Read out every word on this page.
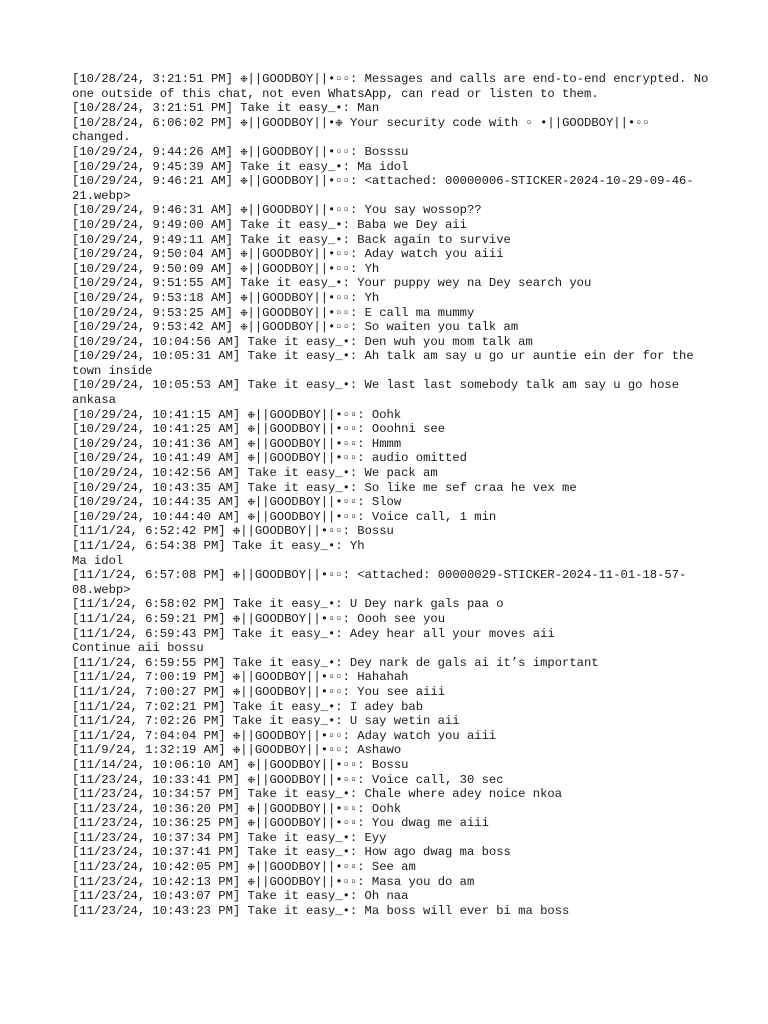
[10/28/24, 3:21:51 PM] ❉||GOODBOY||•▫▫: Messages and calls are end-to-end encrypted. No one outside of this chat, not even WhatsApp, can read or listen to them.
[10/28/24, 3:21:51 PM] Take it easy_•: Man
[10/28/24, 6:06:02 PM] ❉||GOODBOY||•❉ Your security code with ▫ •||GOODBOY||•▫▫ changed.
[10/29/24, 9:44:26 AM] ❉||GOODBOY||•▫▫: Bosssu
[10/29/24, 9:45:39 AM] Take it easy_•: Ma idol
[10/29/24, 9:46:21 AM] ❉||GOODBOY||•▫▫: <attached: 00000006-STICKER-2024-10-29-09-46-21.webp>
[10/29/24, 9:46:31 AM] ❉||GOODBOY||•▫▫: You say wossop??
[10/29/24, 9:49:00 AM] Take it easy_•: Baba we Dey aii
[10/29/24, 9:49:11 AM] Take it easy_•: Back again to survive
[10/29/24, 9:50:04 AM] ❉||GOODBOY||•▫▫: Aday watch you aiii
[10/29/24, 9:50:09 AM] ❉||GOODBOY||•▫▫: Yh
[10/29/24, 9:51:55 AM] Take it easy_•: Your puppy wey na Dey search you
[10/29/24, 9:53:18 AM] ❉||GOODBOY||•▫▫: Yh
[10/29/24, 9:53:25 AM] ❉||GOODBOY||•▫▫: E call ma mummy
[10/29/24, 9:53:42 AM] ❉||GOODBOY||•▫▫: So waiten you talk am
[10/29/24, 10:04:56 AM] Take it easy_•: Den wuh you mom talk am
[10/29/24, 10:05:31 AM] Take it easy_•: Ah talk am say u go ur auntie ein der for the town inside
[10/29/24, 10:05:53 AM] Take it easy_•: We last last somebody talk am say u go hose ankasa
[10/29/24, 10:41:15 AM] ❉||GOODBOY||•▫▫: Oohk
[10/29/24, 10:41:25 AM] ❉||GOODBOY||•▫▫: Ooohni see
[10/29/24, 10:41:36 AM] ❉||GOODBOY||•▫▫: Hmmm
[10/29/24, 10:41:49 AM] ❉||GOODBOY||•▫▫: audio omitted
[10/29/24, 10:42:56 AM] Take it easy_•: We pack am
[10/29/24, 10:43:35 AM] Take it easy_•: So like me sef craa he vex me
[10/29/24, 10:44:35 AM] ❉||GOODBOY||•▫▫: Slow
[10/29/24, 10:44:40 AM] ❉||GOODBOY||•▫▫: Voice call, 1 min
[11/1/24, 6:52:42 PM] ❉||GOODBOY||•▫▫: Bossu
[11/1/24, 6:54:38 PM] Take it easy_•: Yh
Ma idol
[11/1/24, 6:57:08 PM] ❉||GOODBOY||•▫▫: <attached: 00000029-STICKER-2024-11-01-18-57-08.webp>
[11/1/24, 6:58:02 PM] Take it easy_•: U Dey nark gals paa o
[11/1/24, 6:59:21 PM] ❉||GOODBOY||•▫▫: Oooh see you
[11/1/24, 6:59:43 PM] Take it easy_•: Adey hear all your moves aii
Continue aii bossu
[11/1/24, 6:59:55 PM] Take it easy_•: Dey nark de gals ai it’s important
[11/1/24, 7:00:19 PM] ❉||GOODBOY||•▫▫: Hahahah
[11/1/24, 7:00:27 PM] ❉||GOODBOY||•▫▫: You see aiii
[11/1/24, 7:02:21 PM] Take it easy_•: I adey bab
[11/1/24, 7:02:26 PM] Take it easy_•: U say wetin aii
[11/1/24, 7:04:04 PM] ❉||GOODBOY||•▫▫: Aday watch you aiii
[11/9/24, 1:32:19 AM] ❉||GOODBOY||•▫▫: Ashawo
[11/14/24, 10:06:10 AM] ❉||GOODBOY||•▫▫: Bossu
[11/23/24, 10:33:41 PM] ❉||GOODBOY||•▫▫: Voice call, 30 sec
[11/23/24, 10:34:57 PM] Take it easy_•: Chale where adey noice nkoa
[11/23/24, 10:36:20 PM] ❉||GOODBOY||•▫▫: Oohk
[11/23/24, 10:36:25 PM] ❉||GOODBOY||•▫▫: You dwag me aiii
[11/23/24, 10:37:34 PM] Take it easy_•: Eyy
[11/23/24, 10:37:41 PM] Take it easy_•: How ago dwag ma boss
[11/23/24, 10:42:05 PM] ❉||GOODBOY||•▫▫: See am
[11/23/24, 10:42:13 PM] ❉||GOODBOY||•▫▫: Masa you do am
[11/23/24, 10:43:07 PM] Take it easy_•: Oh naa
[11/23/24, 10:43:23 PM] Take it easy_•: Ma boss will ever bi ma boss
